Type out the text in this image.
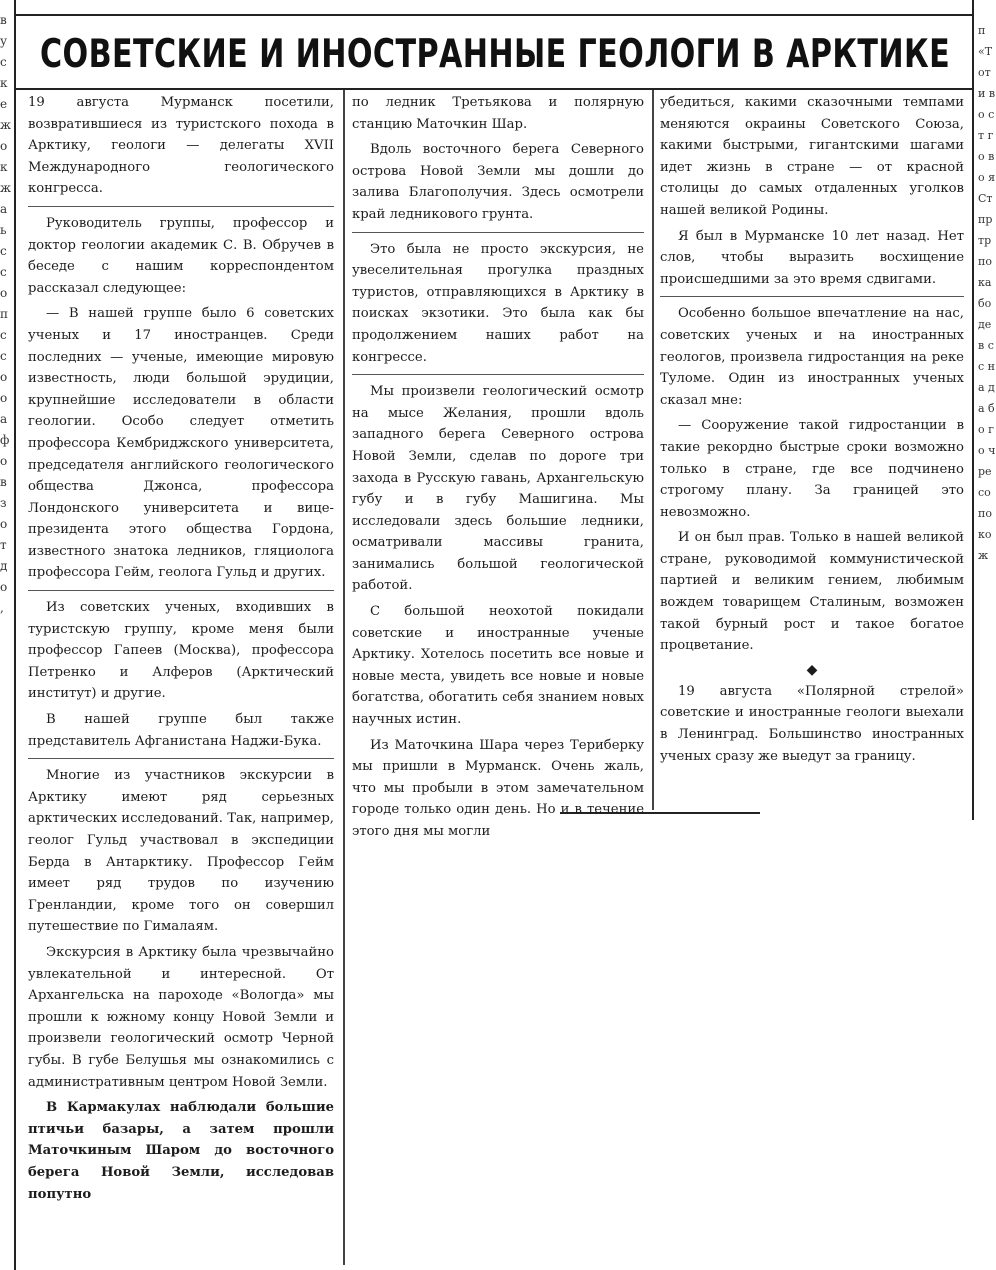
в у с к е ж о к ж а ь с с о п с с о о а ф о в з о т д о ,
п «Т от и во ст го во я Ст пр тр по ка бо де в сс на да бо го ч ре со по ко ж
СОВЕТСКИЕ И ИНОСТРАННЫЕ ГЕОЛОГИ В АРКТИКЕ

19 августа Мурманск посетили, возвратившиеся из туристского похода в Арктику, геологи — делегаты XVII Международного геологического конгресса.

Руководитель группы, профессор и доктор геологии академик С. В. Обручев в беседе с нашим корреспондентом рассказал следующее:

— В нашей группе было 6 советских ученых и 17 иностранцев. Среди последних — ученые, имеющие мировую известность, люди большой эрудиции, крупнейшие исследователи в области геологии. Особо следует отметить профессора Кембриджского университета, председателя английского геологического общества Джонса, профессора Лондонского университета и вице-президента этого общества Гордона, известного знатока ледников, гляциолога профессора Гейм, геолога Гульд и других.

Из советских ученых, входивших в туристскую группу, кроме меня были профессор Гапеев (Москва), профессора Петренко и Алферов (Арктический институт) и другие.

В нашей группе был также представитель Афганистана Наджи-Бука.

Многие из участников экскурсии в Арктику имеют ряд серьезных арктических исследований. Так, например, геолог Гульд участвовал в экспедиции Берда в Антарктику. Профессор Гейм имеет ряд трудов по изучению Гренландии, кроме того он совершил путешествие по Гималаям.

Экскурсия в Арктику была чрезвычайно увлекательной и интересной. От Архангельска на пароходе «Вологда» мы прошли к южному концу Новой Земли и произвели геологический осмотр Черной губы. В губе Белушья мы ознакомились с административным центром Новой Земли.

В Кармакулах наблюдали большие птичьи базары, а затем прошли Маточкиным Шаром до восточного берега Новой Земли, исследовав попутно

по ледник Третьякова и полярную станцию Маточкин Шар.

Вдоль восточного берега Северного острова Новой Земли мы дошли до залива Благополучия. Здесь осмотрели край ледникового грунта.

Это была не просто экскурсия, не увеселительная прогулка праздных туристов, отправляющихся в Арктику в поисках экзотики. Это была как бы продолжением наших работ на конгрессе.

Мы произвели геологический осмотр на мысе Желания, прошли вдоль западного берега Северного острова Новой Земли, сделав по дороге три захода в Русскую гавань, Архангельскую губу и в губу Машигина. Мы исследовали здесь большие ледники, осматривали массивы гранита, занимались большой геологической работой.

С большой неохотой покидали советские и иностранные ученые Арктику. Хотелось посетить все новые и новые места, увидеть все новые и новые богатства, обогатить себя знанием новых научных истин.

Из Маточкина Шара через Териберку мы пришли в Мурманск. Очень жаль, что мы пробыли в этом замечательном городе только один день. Но и в течение этого дня мы могли

убедиться, какими сказочными темпами меняются окраины Советского Союза, какими быстрыми, гигантскими шагами идет жизнь в стране — от красной столицы до самых отдаленных уголков нашей великой Родины.

Я был в Мурманске 10 лет назад. Нет слов, чтобы выразить восхищение происшедшими за это время сдвигами.

Особенно большое впечатление на нас, советских ученых и на иностранных геологов, произвела гидростанция на реке Туломе. Один из иностранных ученых сказал мне:

— Сооружение такой гидростанции в такие рекордно быстрые сроки возможно только в стране, где все подчинено строгому плану. За границей это невозможно.

И он был прав. Только в нашей великой стране, руководимой коммунистической партией и великим гением, любимым вождем товарищем Сталиным, возможен такой бурный рост и такое богатое процветание.

◆

19 августа «Полярной стрелой» советские и иностранные геологи выехали в Ленинград. Большинство иностранных ученых сразу же выедут за границу.
